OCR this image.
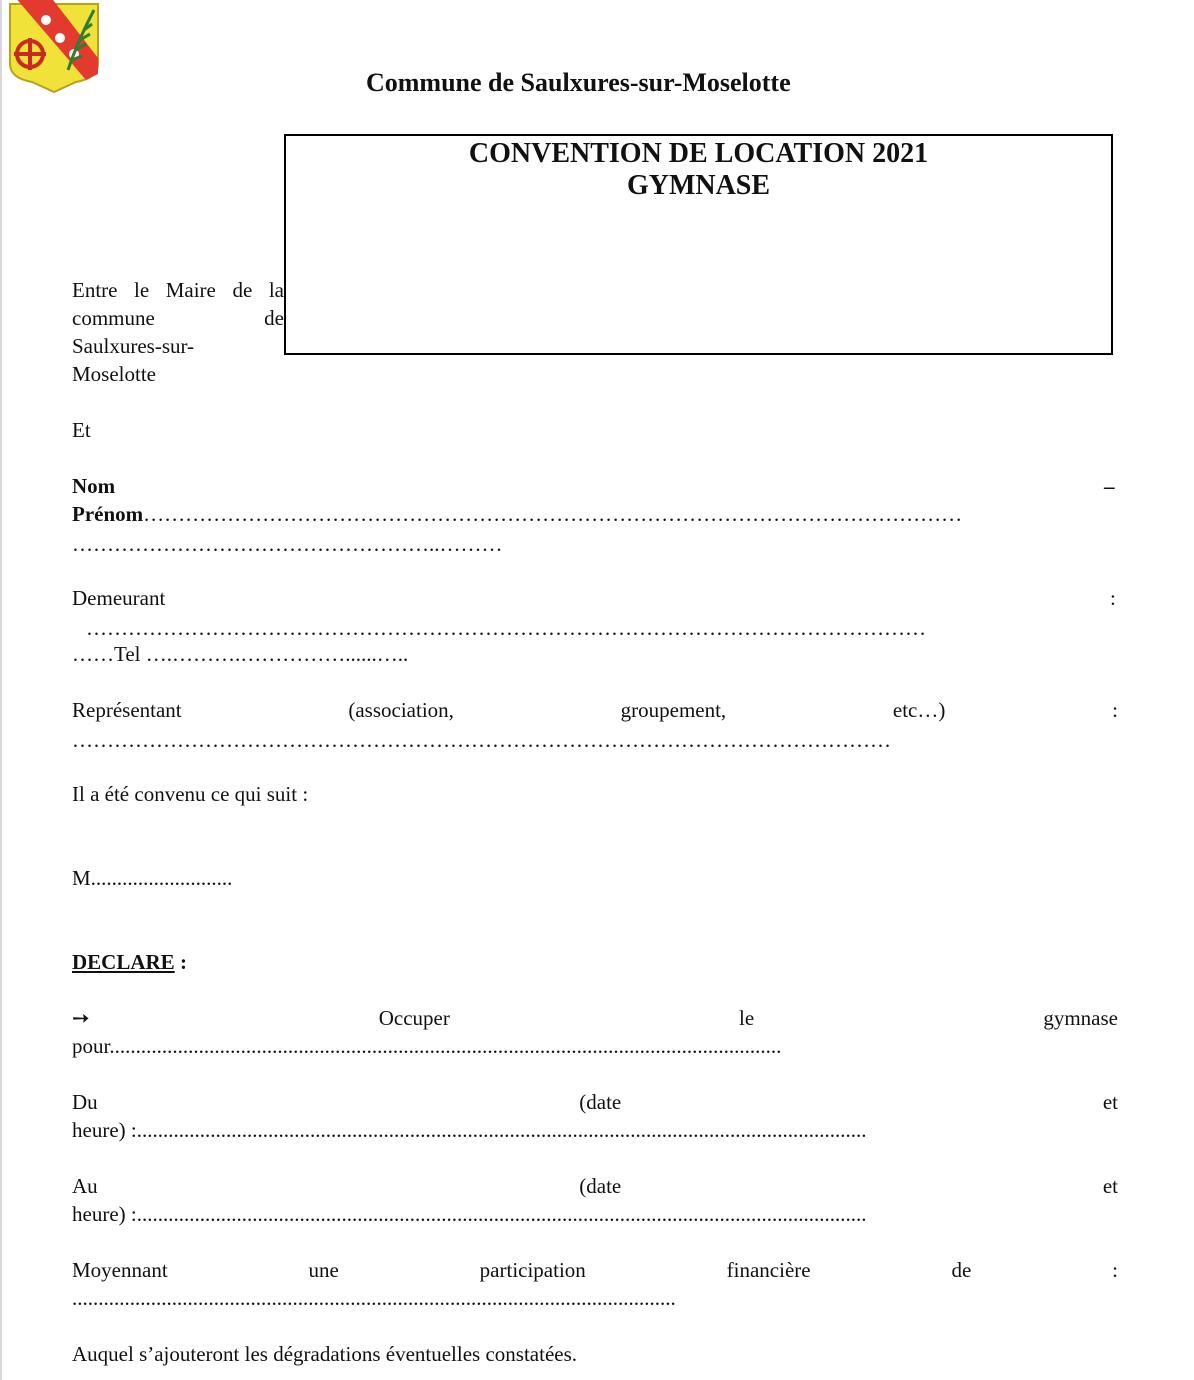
Commune de Saulxures-sur-Moselotte
CONVENTION DE LOCATION 2021
GYMNASE
Entre le Maire de la
commune	de
Saulxures-sur-
Moselotte
Et
Nom	–
Prénom………………………………………………………………………………………………………
……………………………………………..………
Demeurant	:
…………………………………………………………………………………………………………
……Tel ….……….……………......…..
Représentant	(association,	groupement,	etc…)	:
………………………………………………………………………………………………………
Il a été convenu ce qui suit :
M...........................
DECLARE :
➙	Occuper	le	gymnase
pour................................................................................................................................
Du	(date	et
heure) :...........................................................................................................................................
Au	(date	et
heure) :...........................................................................................................................................
Moyennant	une	participation	financière	de	:
...................................................................................................................
Auquel s’ajouteront les dégradations éventuelles constatées.
